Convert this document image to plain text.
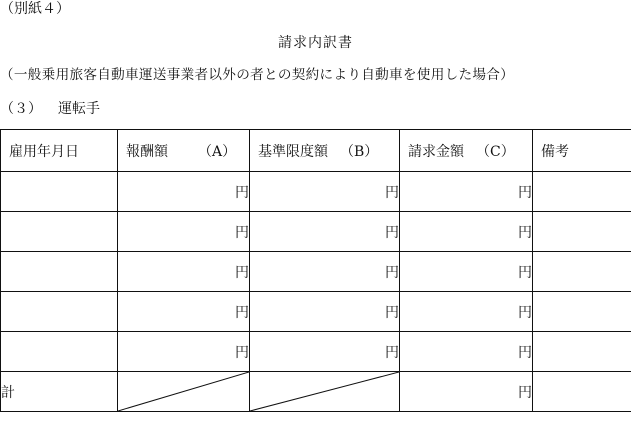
（別紙４）
請求内訳書
（一般乗用旅客自動車運送事業者以外の者との契約により自動車を使用した場合）
（３） 運転手
雇用年月日	報酬額 （A）	基準限度額 （B）	請求金額 （C）	備考
	円	円	円	
	円	円	円	
	円	円	円	
	円	円	円	
	円	円	円	
計			円	
